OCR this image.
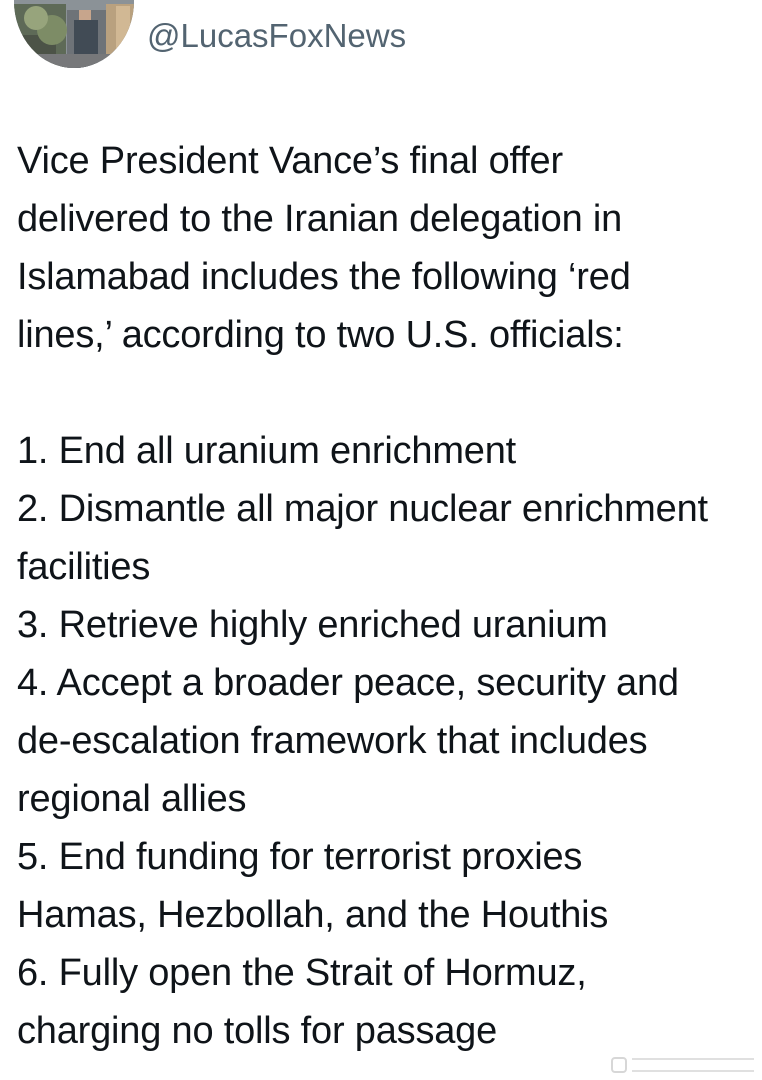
@LucasFoxNews

Vice President Vance’s final offer delivered to the Iranian delegation in Islamabad includes the following ‘red lines,’ according to two U.S. officials:

1. End all uranium enrichment

2. Dismantle all major nuclear enrichment facilities

3. Retrieve highly enriched uranium

4. Accept a broader peace, security and de-escalation framework that includes regional allies

5. End funding for terrorist proxies Hamas, Hezbollah, and the Houthis

6. Fully open the Strait of Hormuz, charging no tolls for passage
